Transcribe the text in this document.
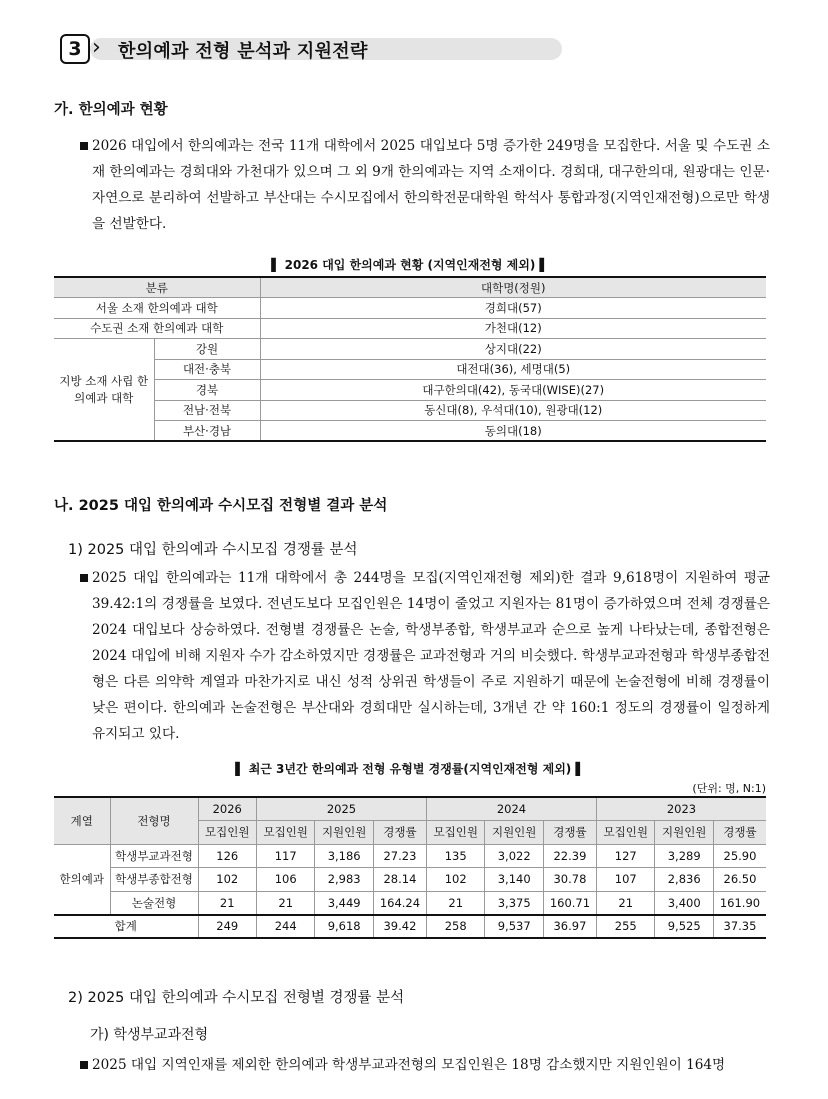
3 › 한의예과 전형 분석과 지원전략
가. 한의예과 현황
2026 대입에서 한의예과는 전국 11개 대학에서 2025 대입보다 5명 증가한 249명을 모집한다. 서울 및 수도권 소재 한의예과는 경희대와 가천대가 있으며 그 외 9개 한의예과는 지역 소재이다. 경희대, 대구한의대, 원광대는 인문·자연으로 분리하여 선발하고 부산대는 수시모집에서 한의학전문대학원 학석사 통합과정(지역인재전형)으로만 학생을 선발한다.
▌ 2026 대입 한의예과 현황 (지역인재전형 제외) ▌
분류		대학명(정원)
서울 소재 한의예과 대학		경희대(57)
수도권 소재 한의예과 대학		가천대(12)
지방 소재 사립 한의예과 대학	강원	상지대(22)
	대전·충북	대전대(36), 세명대(5)
	경북	대구한의대(42), 동국대(WISE)(27)
	전남·전북	동신대(8), 우석대(10), 원광대(12)
	부산·경남	동의대(18)
나. 2025 대입 한의예과 수시모집 전형별 결과 분석
1) 2025 대입 한의예과 수시모집 경쟁률 분석
2025 대입 한의예과는 11개 대학에서 총 244명을 모집(지역인재전형 제외)한 결과 9,618명이 지원하여 평균 39.42:1의 경쟁률을 보였다. 전년도보다 모집인원은 14명이 줄었고 지원자는 81명이 증가하였으며 전체 경쟁률은 2024 대입보다 상승하였다. 전형별 경쟁률은 논술, 학생부종합, 학생부교과 순으로 높게 나타났는데, 종합전형은 2024 대입에 비해 지원자 수가 감소하였지만 경쟁률은 교과전형과 거의 비슷했다. 학생부교과전형과 학생부종합전형은 다른 의약학 계열과 마찬가지로 내신 성적 상위권 학생들이 주로 지원하기 때문에 논술전형에 비해 경쟁률이 낮은 편이다. 한의예과 논술전형은 부산대와 경희대만 실시하는데, 3개년 간 약 160:1 정도의 경쟁률이 일정하게 유지되고 있다.
▌ 최근 3년간 한의예과 전형 유형별 경쟁률(지역인재전형 제외) ▌
(단위: 명, N:1)
계열	전형명	2026	2025			2024			2023		
		모집인원	모집인원	지원인원	경쟁률	모집인원	지원인원	경쟁률	모집인원	지원인원	경쟁률
한의예과	학생부교과전형	126	117	3,186	27.23	135	3,022	22.39	127	3,289	25.90
	학생부종합전형	102	106	2,983	28.14	102	3,140	30.78	107	2,836	26.50
	논술전형	21	21	3,449	164.24	21	3,375	160.71	21	3,400	161.90
합계		249	244	9,618	39.42	258	9,537	36.97	255	9,525	37.35
2) 2025 대입 한의예과 수시모집 전형별 경쟁률 분석
가) 학생부교과전형
2025 대입 지역인재를 제외한 한의예과 학생부교과전형의 모집인원은 18명 감소했지만 지원인원이 164명
